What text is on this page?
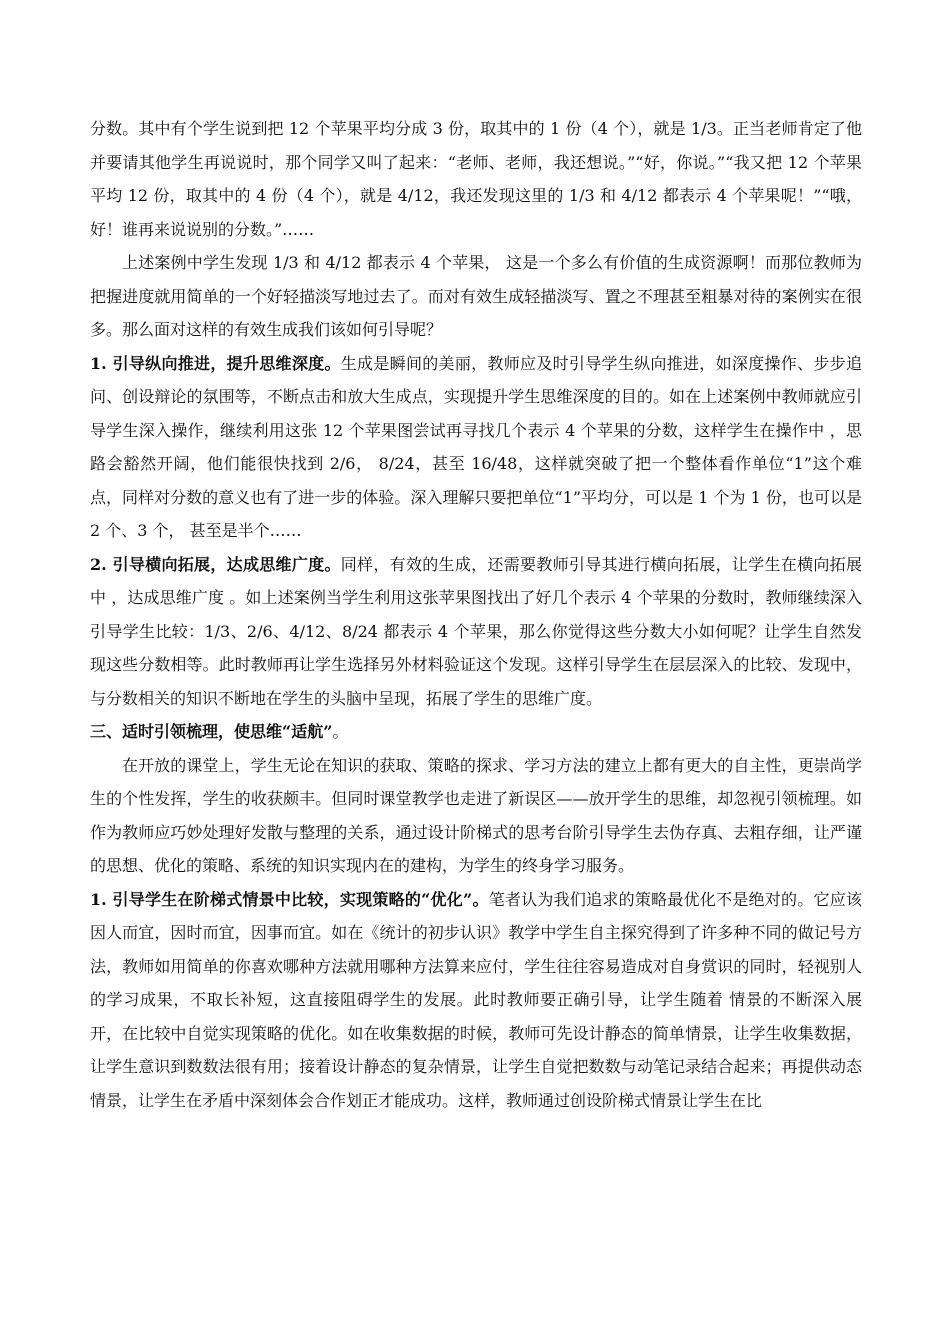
分数。其中有个学生说到把 12 个苹果平均分成 3 份，取其中的 1 份（4 个），就是 1/3。正当老师肯定了他并要请其他学生再说说时，那个同学又叫了起来：“老师、老师，我还想说。”“好，你说。”“我又把 12 个苹果平均 12 份，取其中的 4 份（4 个），就是 4/12，我还发现这里的 1/3 和 4/12 都表示 4 个苹果呢！”“哦，好！谁再来说说别的分数。”……

上述案例中学生发现 1/3 和 4/12 都表示 4 个苹果， 这是一个多么有价值的生成资源啊！而那位教师为把握进度就用简单的一个好轻描淡写地过去了。而对有效生成轻描淡写、置之不理甚至粗暴对待的案例实在很多。那么面对这样的有效生成我们该如何引导呢？

1. 引导纵向推进，提升思维深度。生成是瞬间的美丽，教师应及时引导学生纵向推进，如深度操作、步步追问、创设辩论的氛围等，不断点击和放大生成点，实现提升学生思维深度的目的。如在上述案例中教师就应引导学生深入操作，继续利用这张 12 个苹果图尝试再寻找几个表示 4 个苹果的分数，这样学生在操作中 ，思路会豁然开阔，他们能很快找到 2/6， 8/24，甚至 16/48，这样就突破了把一个整体看作单位“1”这个难点，同样对分数的意义也有了进一步的体验。深入理解只要把单位“1”平均分，可以是 1 个为 1 份，也可以是 2 个、3 个， 甚至是半个……

2. 引导横向拓展，达成思维广度。同样，有效的生成，还需要教师引导其进行横向拓展，让学生在横向拓展中 ，达成思维广度 。如上述案例当学生利用这张苹果图找出了好几个表示 4 个苹果的分数时，教师继续深入引导学生比较：1/3、2/6、4/12、8/24 都表示 4 个苹果，那么你觉得这些分数大小如何呢？让学生自然发现这些分数相等。此时教师再让学生选择另外材料验证这个发现。这样引导学生在层层深入的比较、发现中，与分数相关的知识不断地在学生的头脑中呈现，拓展了学生的思维广度。

三、适时引领梳理，使思维“适航”。

在开放的课堂上，学生无论在知识的获取、策略的探求、学习方法的建立上都有更大的自主性，更崇尚学生的个性发挥，学生的收获颇丰。但同时课堂教学也走进了新误区——放开学生的思维，却忽视引领梳理。如作为教师应巧妙处理好发散与整理的关系，通过设计阶梯式的思考台阶引导学生去伪存真、去粗存细，让严谨的思想、优化的策略、系统的知识实现内在的建构，为学生的终身学习服务。

1. 引导学生在阶梯式情景中比较，实现策略的“优化”。笔者认为我们追求的策略最优化不是绝对的。它应该因人而宜，因时而宜，因事而宜。如在《统计的初步认识》教学中学生自主探究得到了许多种不同的做记号方法，教师如用简单的你喜欢哪种方法就用哪种方法算来应付，学生往往容易造成对自身赏识的同时，轻视别人的学习成果，不取长补短，这直接阻碍学生的发展。此时教师要正确引导，让学生随着 情景的不断深入展开，在比较中自觉实现策略的优化。如在收集数据的时候，教师可先设计静态的简单情景，让学生收集数据，让学生意识到数数法很有用；接着设计静态的复杂情景，让学生自觉把数数与动笔记录结合起来；再提供动态情景，让学生在矛盾中深刻体会合作划正才能成功。这样，教师通过创设阶梯式情景让学生在比
